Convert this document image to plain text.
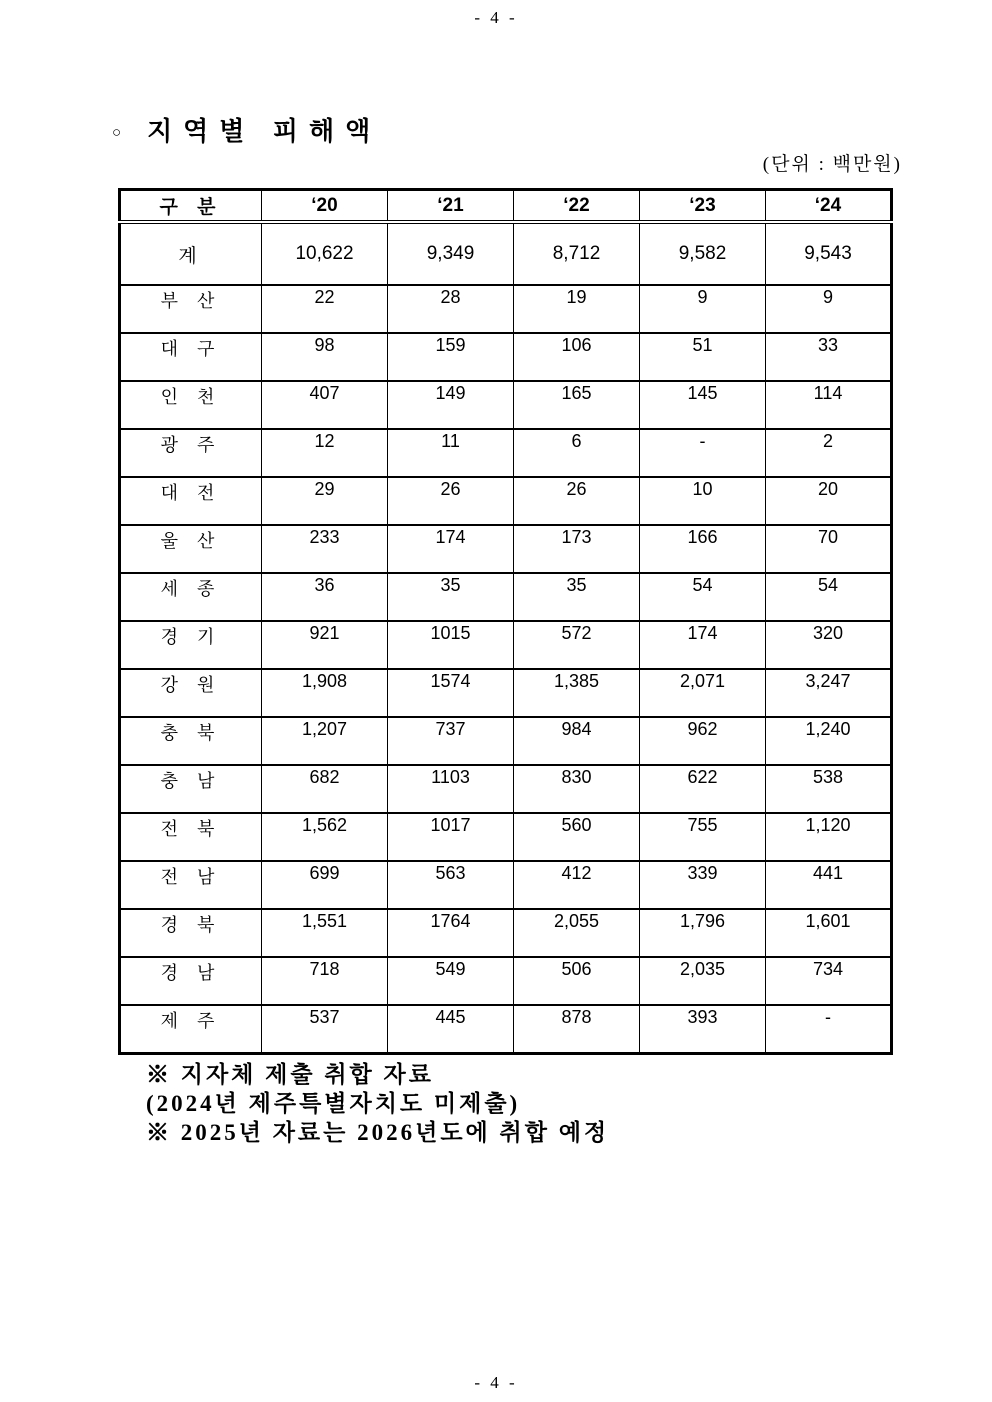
- 4 -
○ 지역별 피해액
(단위 : 백만원)
구 분	‘20	‘21	‘22	‘23	‘24
계	10,622	9,349	8,712	9,582	9,543
부 산	22	28	19	9	9
대 구	98	159	106	51	33
인 천	407	149	165	145	114
광 주	12	11	6	-	2
대 전	29	26	26	10	20
울 산	233	174	173	166	70
세 종	36	35	35	54	54
경 기	921	1015	572	174	320
강 원	1,908	1574	1,385	2,071	3,247
충 북	1,207	737	984	962	1,240
충 남	682	1103	830	622	538
전 북	1,562	1017	560	755	1,120
전 남	699	563	412	339	441
경 북	1,551	1764	2,055	1,796	1,601
경 남	718	549	506	2,035	734
제 주	537	445	878	393	-
※ 지자체 제출 취합 자료
(2024년 제주특별자치도 미제출)
※ 2025년 자료는 2026년도에 취합 예정
- 4 -
